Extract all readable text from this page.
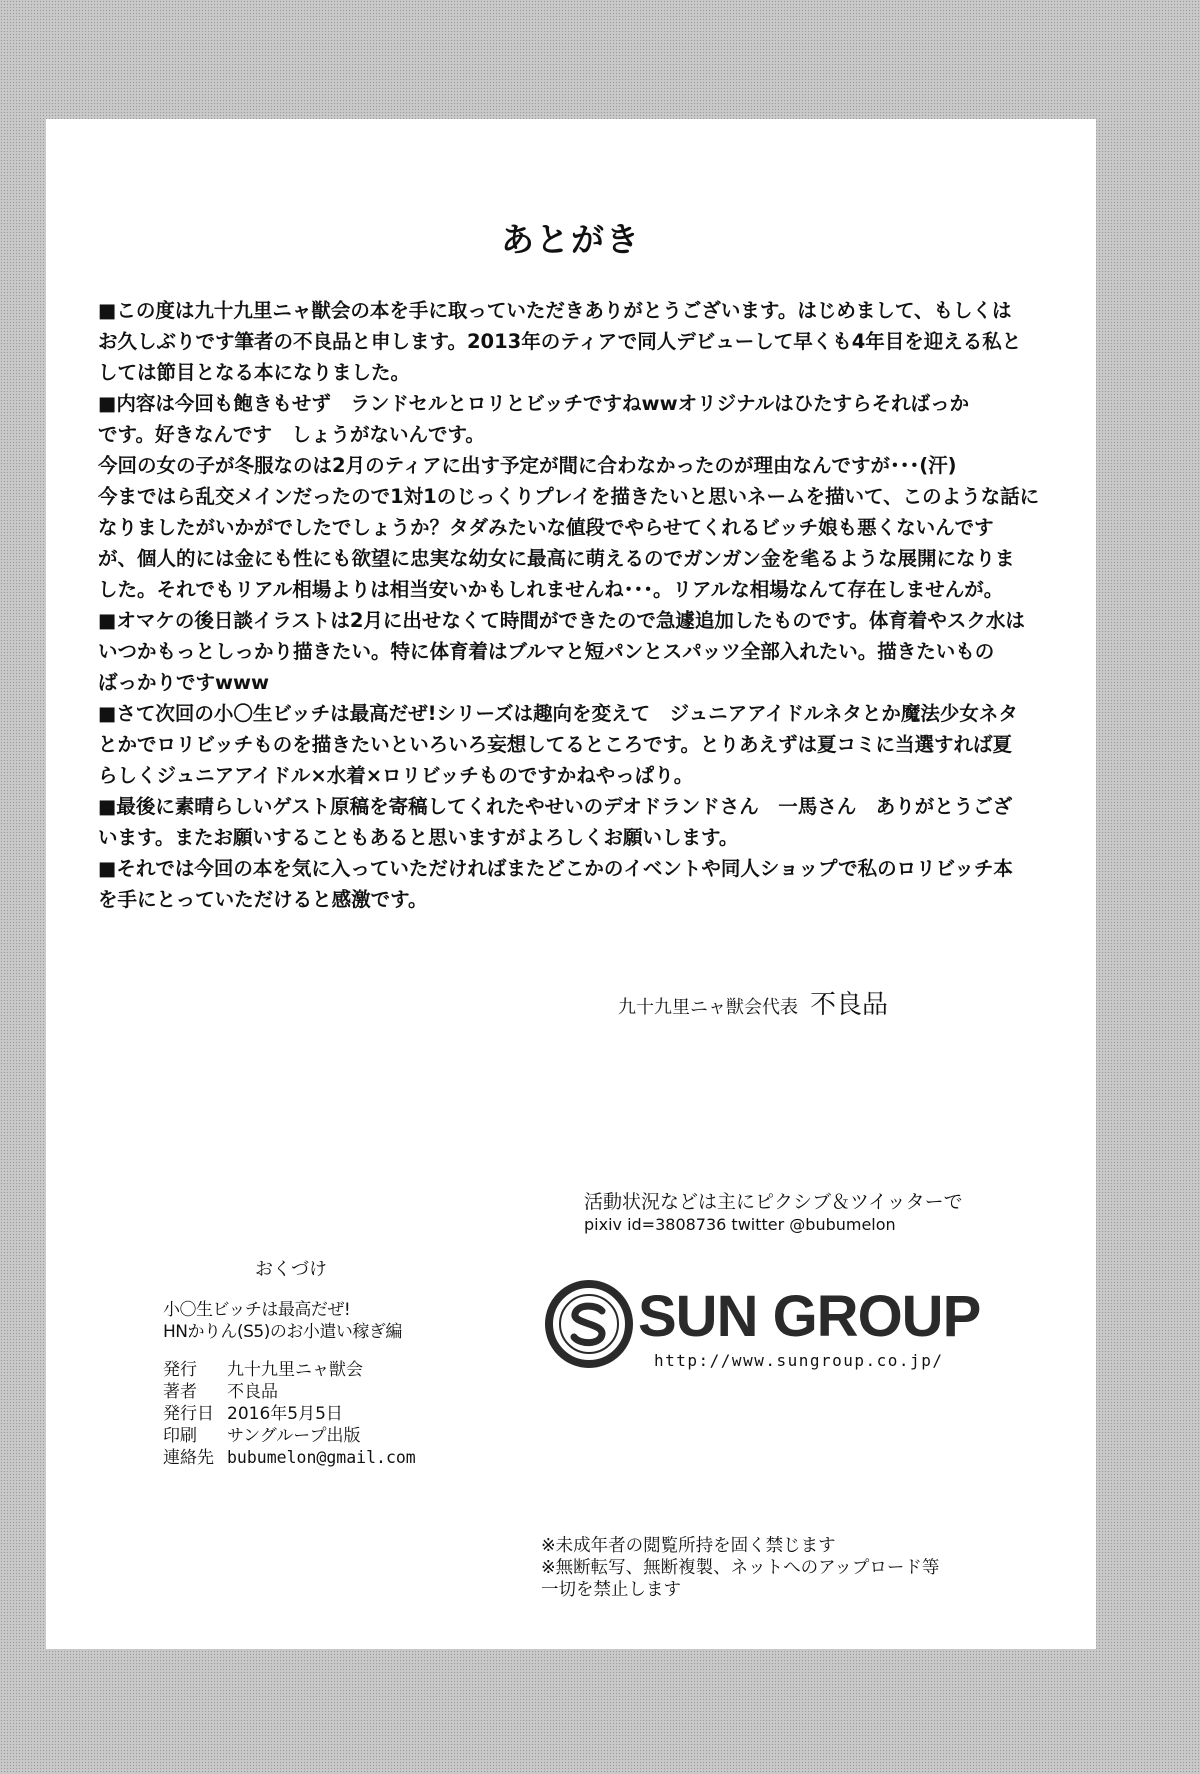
あとがき

■この度は九十九里ニャ獣会の本を手に取っていただきありがとうございます。はじめまして、もしくは
お久しぶりです筆者の不良品と申します。2013年のティアで同人デビューして早くも4年目を迎える私と
しては節目となる本になりました。

■内容は今回も飽きもせず　ランドセルとロリとビッチですねwwオリジナルはひたすらそればっか
です。好きなんです　しょうがないんです。

今回の女の子が冬服なのは2月のティアに出す予定が間に合わなかったのが理由なんですが･･･(汗)
今まではら乱交メインだったので1対1のじっくりプレイを描きたいと思いネームを描いて、このような話に
なりましたがいかがでしたでしょうか？タダみたいな値段でやらせてくれるビッチ娘も悪くないんです
が、個人的には金にも性にも欲望に忠実な幼女に最高に萌えるのでガンガン金を毟るような展開になりま
した。それでもリアル相場よりは相当安いかもしれませんね･･･。リアルな相場なんて存在しませんが。

■オマケの後日談イラストは2月に出せなくて時間ができたので急遽追加したものです。体育着やスク水は
いつかもっとしっかり描きたい。特に体育着はブルマと短パンとスパッツ全部入れたい。描きたいもの
ばっかりですwww

■さて次回の小〇生ビッチは最高だぜ!シリーズは趣向を変えて　ジュニアアイドルネタとか魔法少女ネタ
とかでロリビッチものを描きたいといろいろ妄想してるところです。とりあえずは夏コミに当選すれば夏
らしくジュニアアイドル×水着×ロリビッチものですかねやっぱり。

■最後に素晴らしいゲスト原稿を寄稿してくれたやせいのデオドランドさん　一馬さん　ありがとうござ
います。またお願いすることもあると思いますがよろしくお願いします。

■それでは今回の本を気に入っていただければまたどこかのイベントや同人ショップで私のロリビッチ本
を手にとっていただけると感激です。

九十九里ニャ獣会代表 不良品
活動状況などは主にピクシブ＆ツイッターで
pixiv id=3808736 twitter @bubumelon
おくづけ
小〇生ビッチは最高だぜ!
HNかりん(S5)のお小遣い稼ぎ編
発行 九十九里ニャ獣会
著者 不良品
発行日 2016年5月5日
印刷 サングループ出版
連絡先 bubumelon@gmail.com
SUN GROUP
http://www.sungroup.co.jp/
※未成年者の閲覧所持を固く禁じます
※無断転写、無断複製、ネットへのアップロード等
一切を禁止します
